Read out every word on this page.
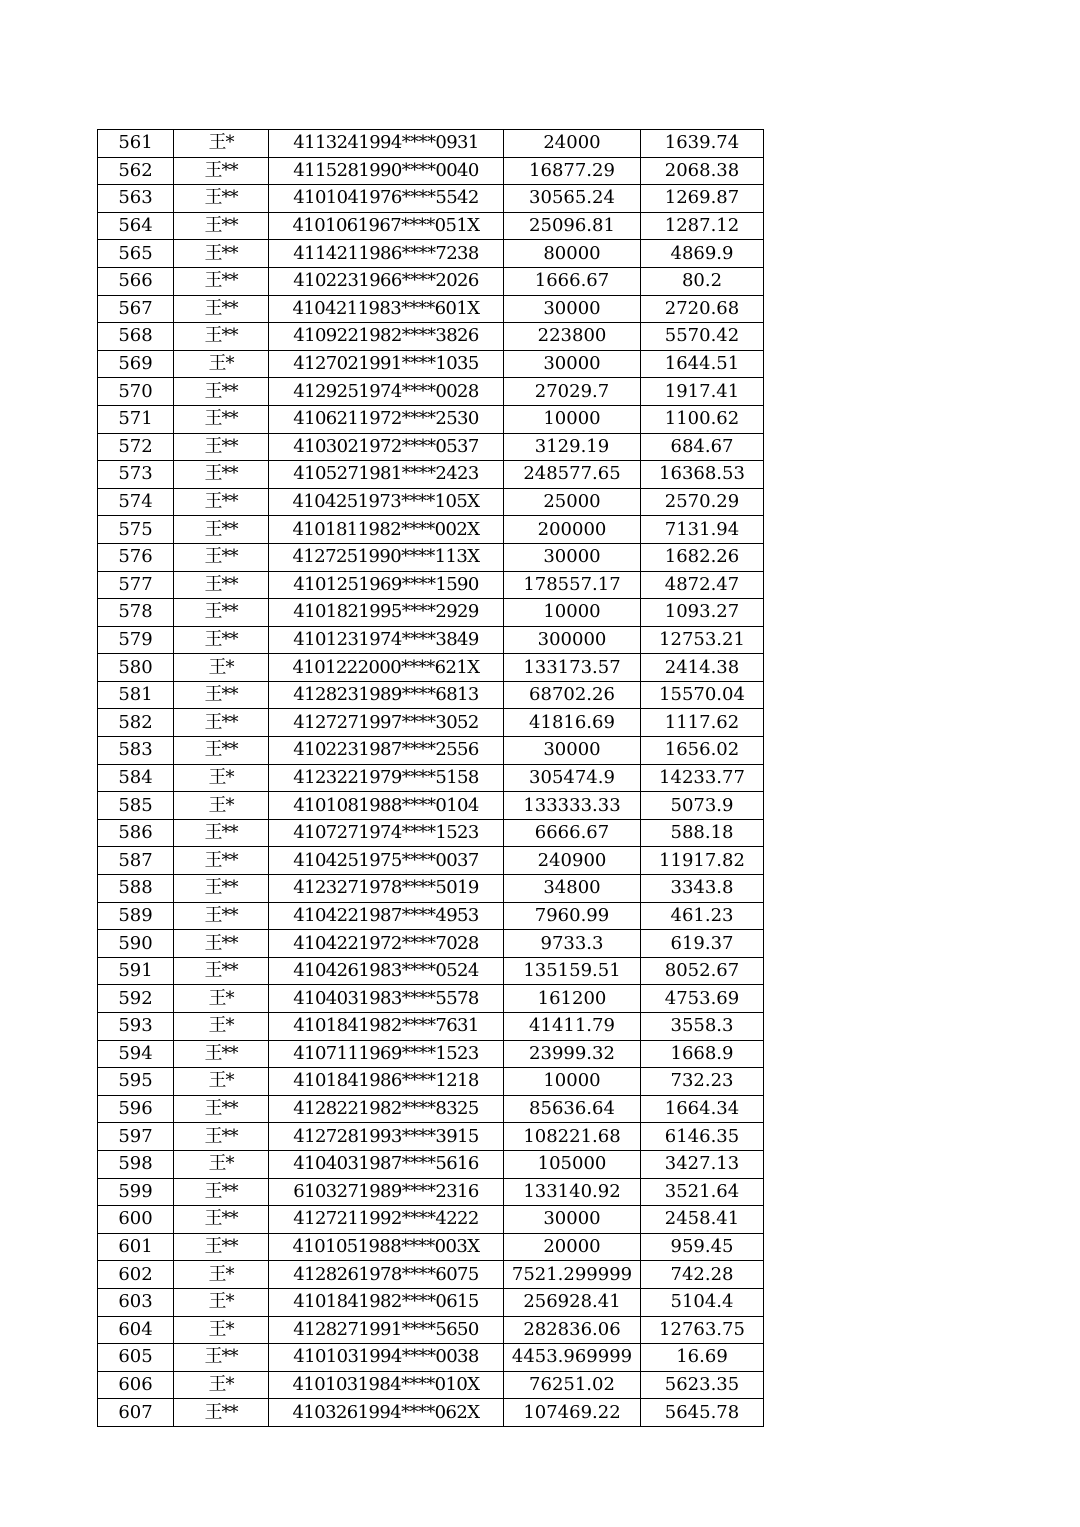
561	王*	4113241994****0931	24000	1639.74
562	王**	4115281990****0040	16877.29	2068.38
563	王**	4101041976****5542	30565.24	1269.87
564	王**	4101061967****051X	25096.81	1287.12
565	王**	4114211986****7238	80000	4869.9
566	王**	4102231966****2026	1666.67	80.2
567	王**	4104211983****601X	30000	2720.68
568	王**	4109221982****3826	223800	5570.42
569	王*	4127021991****1035	30000	1644.51
570	王**	4129251974****0028	27029.7	1917.41
571	王**	4106211972****2530	10000	1100.62
572	王**	4103021972****0537	3129.19	684.67
573	王**	4105271981****2423	248577.65	16368.53
574	王**	4104251973****105X	25000	2570.29
575	王**	4101811982****002X	200000	7131.94
576	王**	4127251990****113X	30000	1682.26
577	王**	4101251969****1590	178557.17	4872.47
578	王**	4101821995****2929	10000	1093.27
579	王**	4101231974****3849	300000	12753.21
580	王*	4101222000****621X	133173.57	2414.38
581	王**	4128231989****6813	68702.26	15570.04
582	王**	4127271997****3052	41816.69	1117.62
583	王**	4102231987****2556	30000	1656.02
584	王*	4123221979****5158	305474.9	14233.77
585	王*	4101081988****0104	133333.33	5073.9
586	王**	4107271974****1523	6666.67	588.18
587	王**	4104251975****0037	240900	11917.82
588	王**	4123271978****5019	34800	3343.8
589	王**	4104221987****4953	7960.99	461.23
590	王**	4104221972****7028	9733.3	619.37
591	王**	4104261983****0524	135159.51	8052.67
592	王*	4104031983****5578	161200	4753.69
593	王*	4101841982****7631	41411.79	3558.3
594	王**	4107111969****1523	23999.32	1668.9
595	王*	4101841986****1218	10000	732.23
596	王**	4128221982****8325	85636.64	1664.34
597	王**	4127281993****3915	108221.68	6146.35
598	王*	4104031987****5616	105000	3427.13
599	王**	6103271989****2316	133140.92	3521.64
600	王**	4127211992****4222	30000	2458.41
601	王**	4101051988****003X	20000	959.45
602	王*	4128261978****6075	7521.299999	742.28
603	王*	4101841982****0615	256928.41	5104.4
604	王*	4128271991****5650	282836.06	12763.75
605	王**	4101031994****0038	4453.969999	16.69
606	王*	4101031984****010X	76251.02	5623.35
607	王**	4103261994****062X	107469.22	5645.78
